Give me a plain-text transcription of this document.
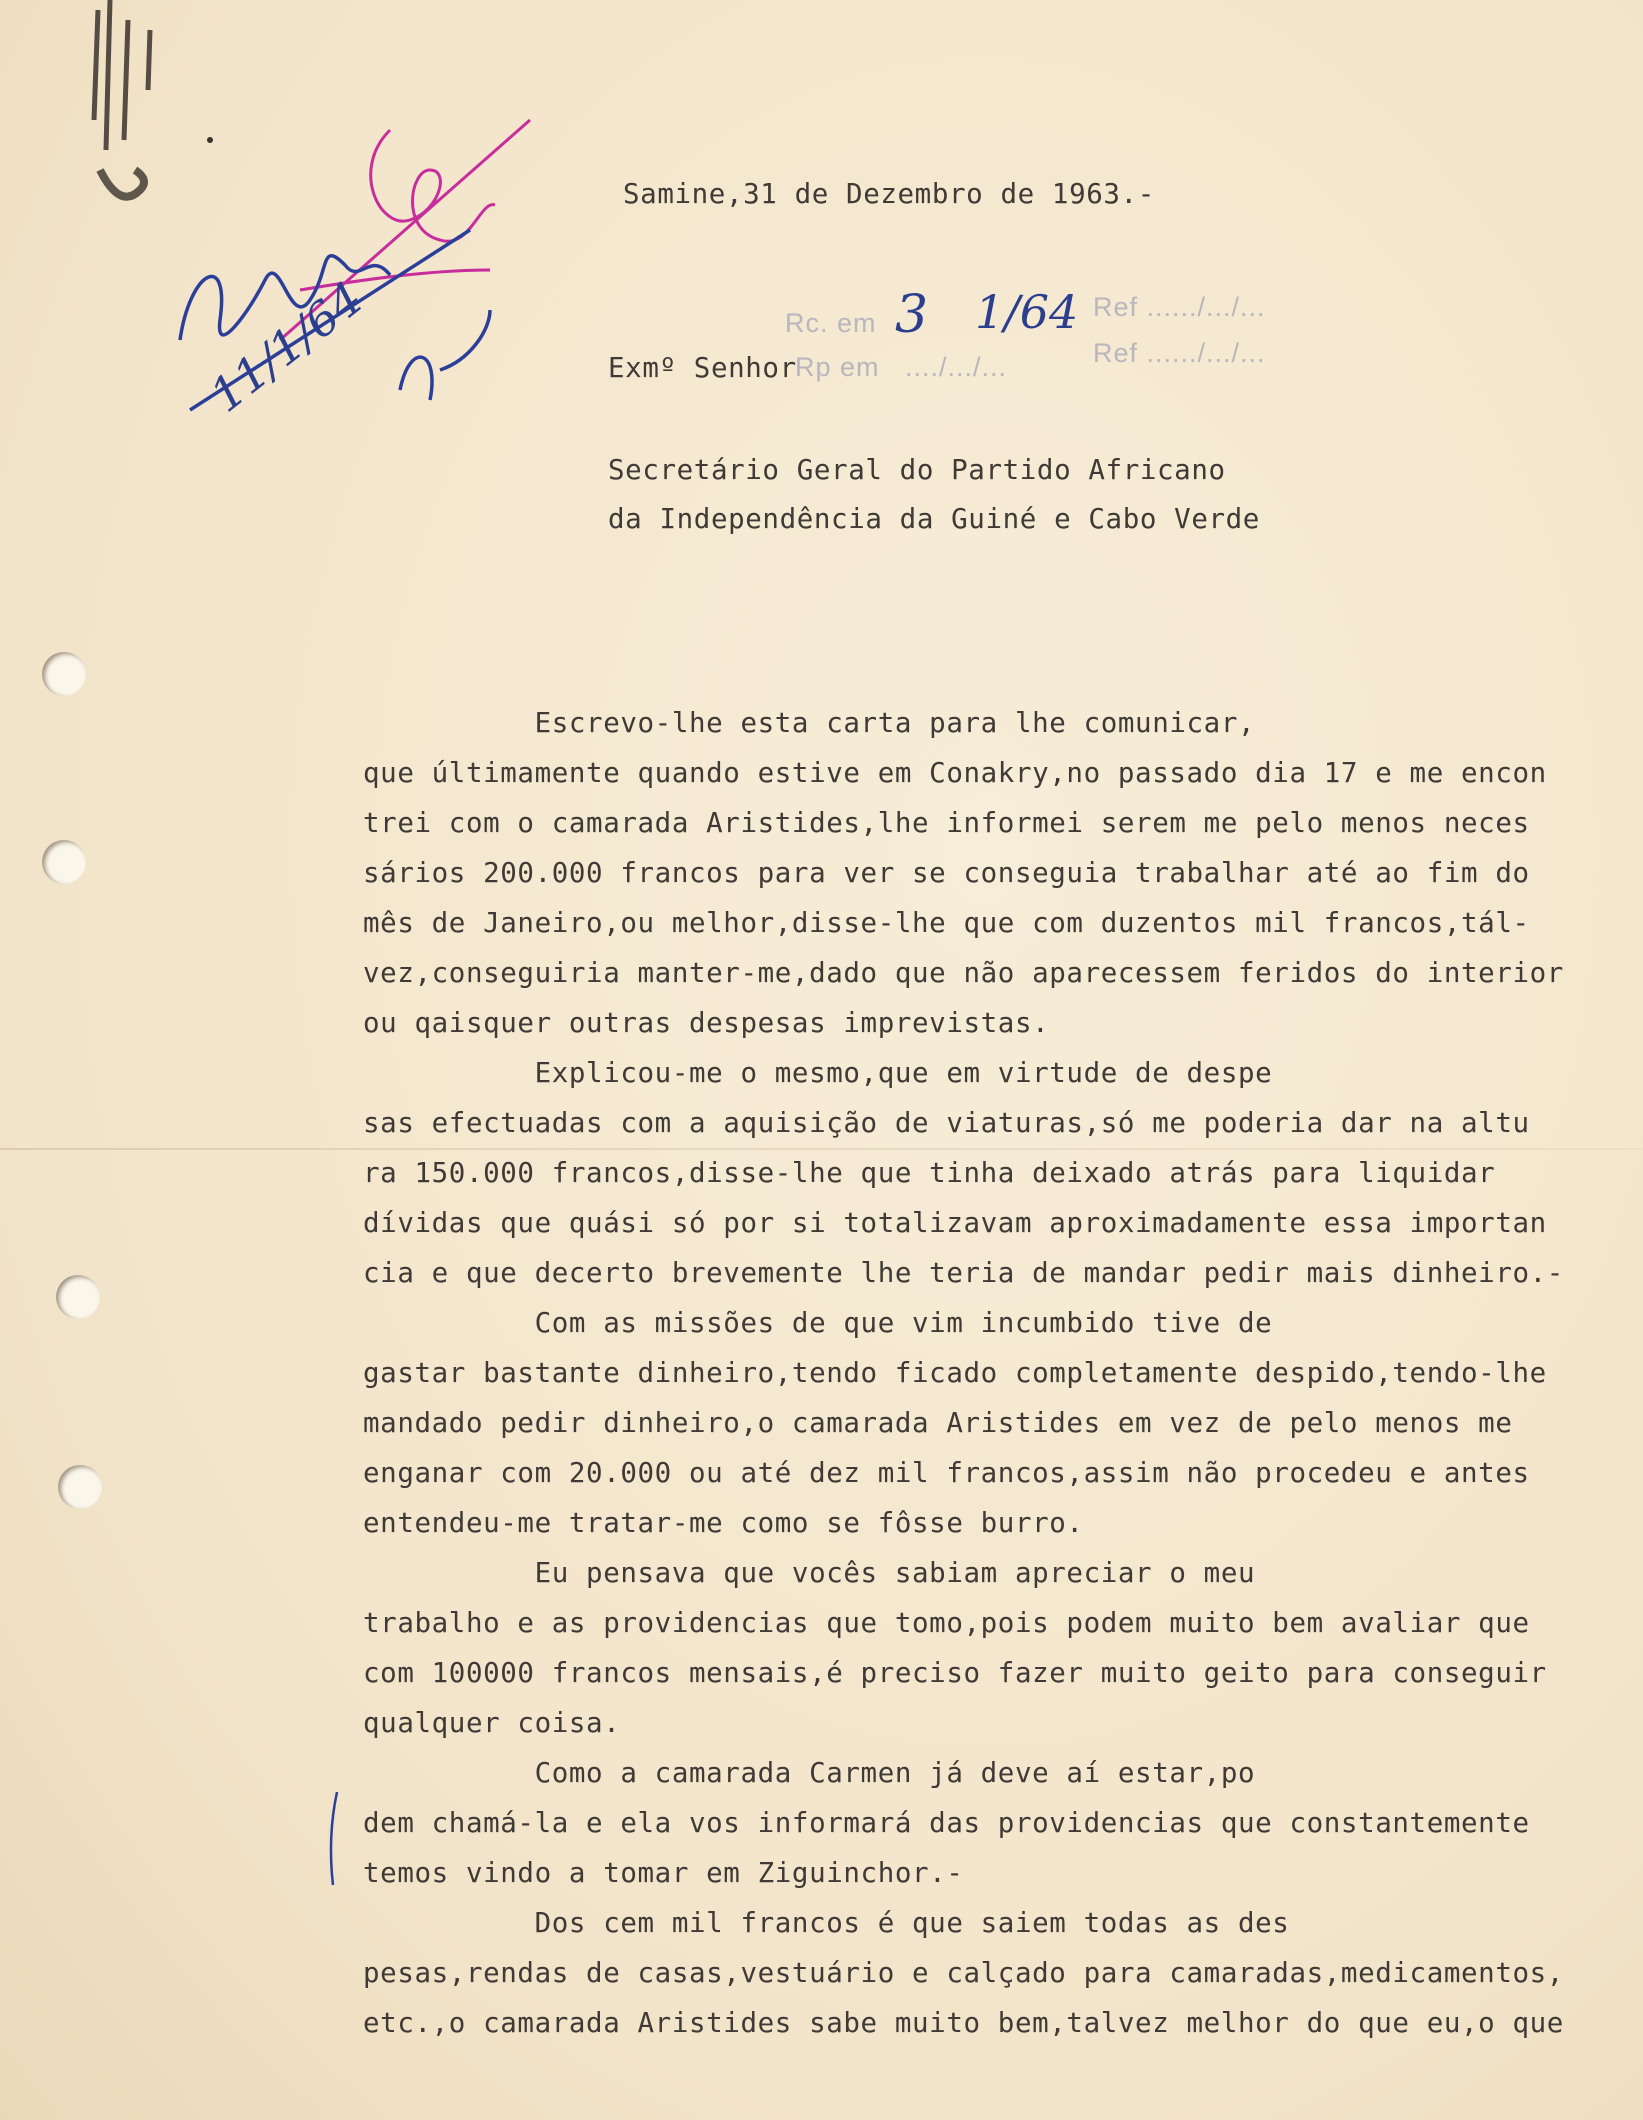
11/1/64
Samine,31 de Dezembro de 1963.-
Rc. em 3 1/64 Ref ....../.../...
Rp em ..../.../...	Ref ....../.../...
Exmº Senhor
Secretário Geral do Partido Africano
da Independência da Guiné e Cabo Verde
Escrevo-lhe esta carta para lhe comunicar,
que últimamente quando estive em Conakry,no passado dia 17 e me encon
trei com o camarada Aristides,lhe informei serem me pelo menos neces
sários 200.000 francos para ver se conseguia trabalhar até ao fim do
mês de Janeiro,ou melhor,disse-lhe que com duzentos mil francos,tál-
vez,conseguiria manter-me,dado que não aparecessem feridos do interior
ou qaisquer outras despesas imprevistas.
Explicou-me o mesmo,que em virtude de despe
sas efectuadas com a aquisição de viaturas,só me poderia dar na altu
ra 150.000 francos,disse-lhe que tinha deixado atrás para liquidar
dívidas que quási só por si totalizavam aproximadamente essa importan
cia e que decerto brevemente lhe teria de mandar pedir mais dinheiro.-
Com as missões de que vim incumbido tive de
gastar bastante dinheiro,tendo ficado completamente despido,tendo-lhe
mandado pedir dinheiro,o camarada Aristides em vez de pelo menos me
enganar com 20.000 ou até dez mil francos,assim não procedeu e antes
entendeu-me tratar-me como se fôsse burro.
Eu pensava que vocês sabiam apreciar o meu
trabalho e as providencias que tomo,pois podem muito bem avaliar que
com 100000 francos mensais,é preciso fazer muito geito para conseguir
qualquer coisa.
Como a camarada Carmen já deve aí estar,po
dem chamá-la e ela vos informará das providencias que constantemente
temos vindo a tomar em Ziguinchor.-
Dos cem mil francos é que saiem todas as des
pesas,rendas de casas,vestuário e calçado para camaradas,medicamentos,
etc.,o camarada Aristides sabe muito bem,talvez melhor do que eu,o que
